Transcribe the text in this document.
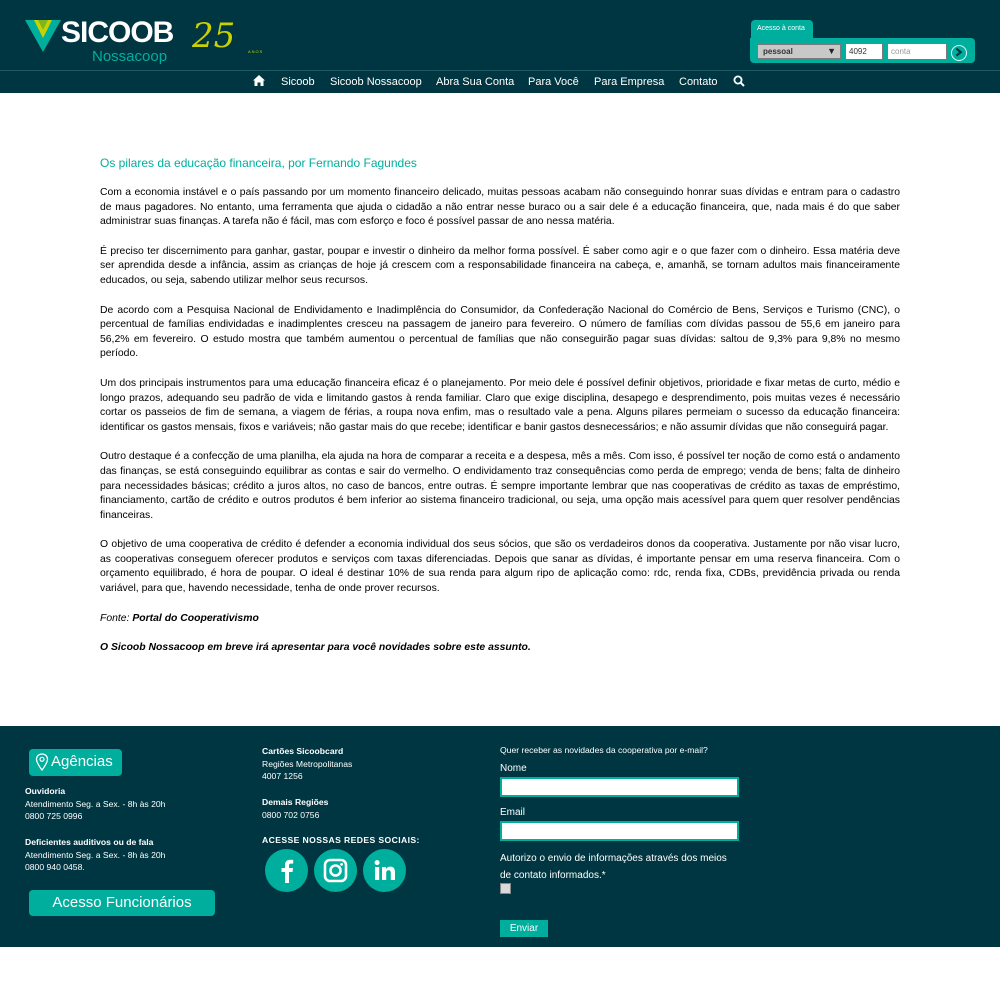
SICOOB
Nossacoop
25	ANOS
Acesso à conta
pessoal	▼	4092	conta
Sicoob Sicoob Nossacoop Abra Sua Conta Para Você Para Empresa Contato
Os pilares da educação financeira, por Fernando Fagundes

Com a economia instável e o país passando por um momento financeiro delicado, muitas pessoas acabam não conseguindo honrar suas dívidas e entram para o cadastro de maus pagadores. No entanto, uma ferramenta que ajuda o cidadão a não entrar nesse buraco ou a sair dele é a educação financeira, que, nada mais é do que saber administrar suas finanças. A tarefa não é fácil, mas com esforço e foco é possível passar de ano nessa matéria.

É preciso ter discernimento para ganhar, gastar, poupar e investir o dinheiro da melhor forma possível. É saber como agir e o que fazer com o dinheiro. Essa matéria deve ser aprendida desde a infância, assim as crianças de hoje já crescem com a responsabilidade financeira na cabeça, e, amanhã, se tornam adultos mais financeiramente educados, ou seja, sabendo utilizar melhor seus recursos.

De acordo com a Pesquisa Nacional de Endividamento e Inadimplência do Consumidor, da Confederação Nacional do Comércio de Bens, Serviços e Turismo (CNC), o percentual de famílias endividadas e inadimplentes cresceu na passagem de janeiro para fevereiro. O número de famílias com dívidas passou de 55,6 em janeiro para 56,2% em fevereiro. O estudo mostra que também aumentou o percentual de famílias que não conseguirão pagar suas dívidas: saltou de 9,3% para 9,8% no mesmo período.

Um dos principais instrumentos para uma educação financeira eficaz é o planejamento. Por meio dele é possível definir objetivos, prioridade e fixar metas de curto, médio e longo prazos, adequando seu padrão de vida e limitando gastos à renda familiar. Claro que exige disciplina, desapego e desprendimento, pois muitas vezes é necessário cortar os passeios de fim de semana, a viagem de férias, a roupa nova enfim, mas o resultado vale a pena. Alguns pilares permeiam o sucesso da educação financeira: identificar os gastos mensais, fixos e variáveis; não gastar mais do que recebe; identificar e banir gastos desnecessários; e não assumir dívidas que não conseguirá pagar.

Outro destaque é a confecção de uma planilha, ela ajuda na hora de comparar a receita e a despesa, mês a mês. Com isso, é possível ter noção de como está o andamento das finanças, se está conseguindo equilibrar as contas e sair do vermelho. O endividamento traz consequências como perda de emprego; venda de bens; falta de dinheiro para necessidades básicas; crédito a juros altos, no caso de bancos, entre outras. É sempre importante lembrar que nas cooperativas de crédito as taxas de empréstimo, financiamento, cartão de crédito e outros produtos é bem inferior ao sistema financeiro tradicional, ou seja, uma opção mais acessível para quem quer resolver pendências financeiras.

O objetivo de uma cooperativa de crédito é defender a economia individual dos seus sócios, que são os verdadeiros donos da cooperativa. Justamente por não visar lucro, as cooperativas conseguem oferecer produtos e serviços com taxas diferenciadas. Depois que sanar as dívidas, é importante pensar em uma reserva financeira. Com o orçamento equilibrado, é hora de poupar. O ideal é destinar 10% de sua renda para algum ripo de aplicação como: rdc, renda fixa, CDBs, previdência privada ou renda variável, para que, havendo necessidade, tenha de onde prover recursos.

Fonte: Portal do Cooperativismo

O Sicoob Nossacoop em breve irá apresentar para você novidades sobre este assunto.

Agências
Ouvidoria
Atendimento Seg. a Sex. - 8h às 20h
0800 725 0996
Deficientes auditivos ou de fala
Atendimento Seg. a Sex. - 8h às 20h
0800 940 0458.
Acesso Funcionários
Cartões Sicoobcard
Regiões Metropolitanas
4007 1256
Demais Regiões
0800 702 0756
ACESSE NOSSAS REDES SOCIAIS:
Quer receber as novidades da cooperativa por e-mail?
Nome
Email
Autorizo o envio de informações através dos meios de contato informados.*
Enviar
